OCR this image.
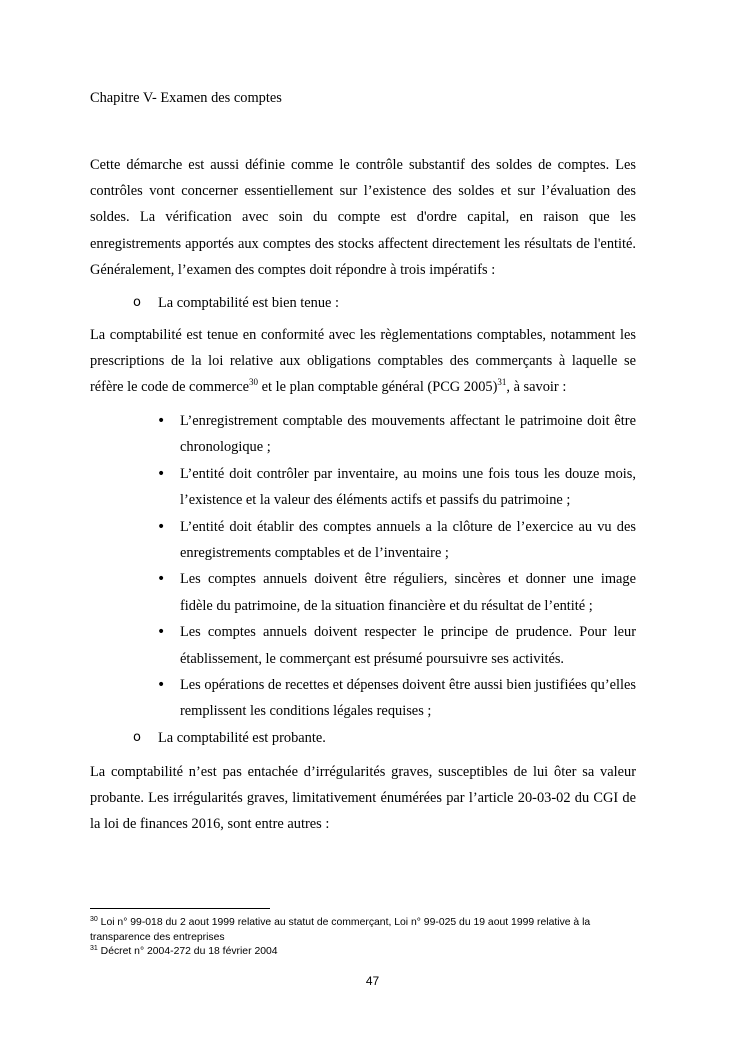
Chapitre V- Examen des comptes

Cette démarche est aussi définie comme le contrôle substantif des soldes de comptes. Les contrôles vont concerner essentiellement sur l’existence des soldes et sur l’évaluation des soldes. La vérification avec soin du compte est d'ordre capital, en raison que les enregistrements apportés aux comptes des stocks affectent directement les résultats de l'entité. Généralement, l’examen des comptes doit répondre à trois impératifs :

o La comptabilité est bien tenue :

La comptabilité est tenue en conformité avec les règlementations comptables, notamment les prescriptions de la loi relative aux obligations comptables des commerçants à laquelle se réfère le code de commerce$^{30}$ et le plan comptable général (PCG 2005)$^{31}$, à savoir :

• L’enregistrement comptable des mouvements affectant le patrimoine doit être chronologique ;
• L’entité doit contrôler par inventaire, au moins une fois tous les douze mois, l’existence et la valeur des éléments actifs et passifs du patrimoine ;
• L’entité doit établir des comptes annuels a la clôture de l’exercice au vu des enregistrements comptables et de l’inventaire ;
• Les comptes annuels doivent être réguliers, sincères et donner une image fidèle du patrimoine, de la situation financière et du résultat de l’entité ;
• Les comptes annuels doivent respecter le principe de prudence. Pour leur établissement, le commerçant est présumé poursuivre ses activités.
• Les opérations de recettes et dépenses doivent être aussi bien justifiées qu’elles remplissent les conditions légales requises ;
o La comptabilité est probante.

La comptabilité n’est pas entachée d’irrégularités graves, susceptibles de lui ôter sa valeur probante. Les irrégularités graves, limitativement énumérées par l’article 20-03-02 du CGI de la loi de finances 2016, sont entre autres :

$^{30}$ Loi n° 99-018 du 2 aout 1999 relative au statut de commerçant, Loi n° 99-025 du 19 aout 1999 relative à la transparence des entreprises
$^{31}$ Décret n° 2004-272 du 18 février 2004
47
